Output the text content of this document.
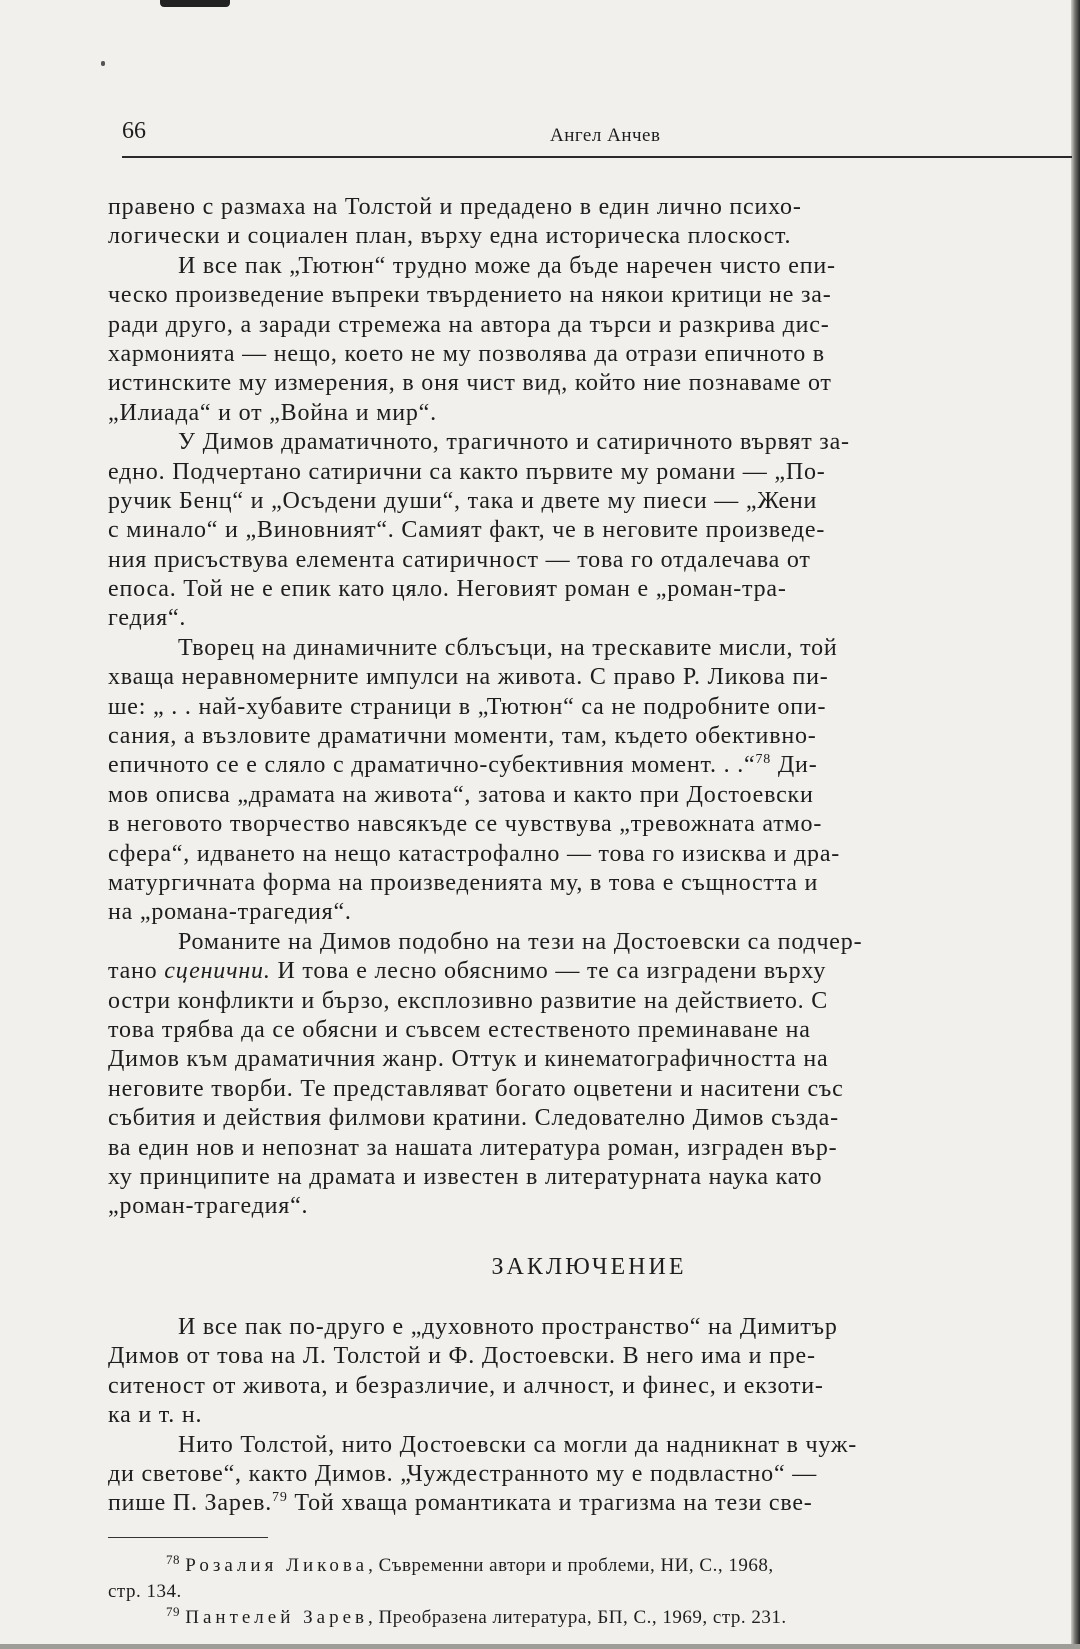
66	Ангел Анчев
правено с размаха на Толстой и предадено в един лично психо-
логически и социален план, върху една историческа плоскост.
И все пак „Тютюн“ трудно може да бъде наречен чисто епи-
ческо произведение въпреки твърдението на някои критици не за-
ради друго, а заради стремежа на автора да търси и разкрива дис-
хармонията — нещо, което не му позволява да отрази епичното в
истинските му измерения, в оня чист вид, който ние познаваме от
„Илиада“ и от „Война и мир“.
У Димов драматичното, трагичното и сатиричното вървят за-
едно. Подчертано сатирични са както първите му романи — „По-
ручик Бенц“ и „Осъдени души“, така и двете му пиеси — „Жени
с минало“ и „Виновният“. Самият факт, че в неговите произведе-
ния присъствува елемента сатиричност — това го отдалечава от
епоса. Той не е епик като цяло. Неговият роман е „роман-тра-
гедия“.
Творец на динамичните сблъсъци, на трескавите мисли, той
хваща неравномерните импулси на живота. С право Р. Ликова пи-
ше: „ . . най-хубавите страници в „Тютюн“ са не подробните опи-
сания, а възловите драматични моменти, там, където обективно-
епичното се е сляло с драматично-субективния момент. . .“$^{78}$ Ди-
мов описва „драмата на живота“, затова и както при Достоевски
в неговото творчество навсякъде се чувствува „тревожната атмо-
сфера“, идването на нещо катастрофално — това го изисква и дра-
матургичната форма на произведенията му, в това е същността и
на „романа-трагедия“.
Романите на Димов подобно на тези на Достоевски са подчер-
тано сценични. И това е лесно обяснимо — те са изградени върху
остри конфликти и бързо, експлозивно развитие на действието. С
това трябва да се обясни и съвсем естественото преминаване на
Димов към драматичния жанр. Оттук и кинематографичността на
неговите творби. Те представляват богато оцветени и наситени със
събития и действия филмови кратини. Следователно Димов създа-
ва един нов и непознат за нашата литература роман, изграден вър-
ху принципите на драмата и известен в литературната наука като
„роман-трагедия“.
ЗАКЛЮЧЕНИЕ
И все пак по-друго е „духовното пространство“ на Димитър
Димов от това на Л. Толстой и Ф. Достоевски. В него има и пре-
ситеност от живота, и безразличие, и алчност, и финес, и екзоти-
ка и т. н.
Нито Толстой, нито Достоевски са могли да надникнат в чуж-
ди светове“, както Димов. „Чуждестранното му е подвластно“ —
пише П. Зарев.$^{79}$ Той хваща романтиката и трагизма на тези све-
$^{78}$ Розалия Ликова, Съвременни автори и проблеми, НИ, С., 1968,
стр. 134.
$^{79}$ Пантелей Зарев, Преобразена литература, БП, С., 1969, стр. 231.
